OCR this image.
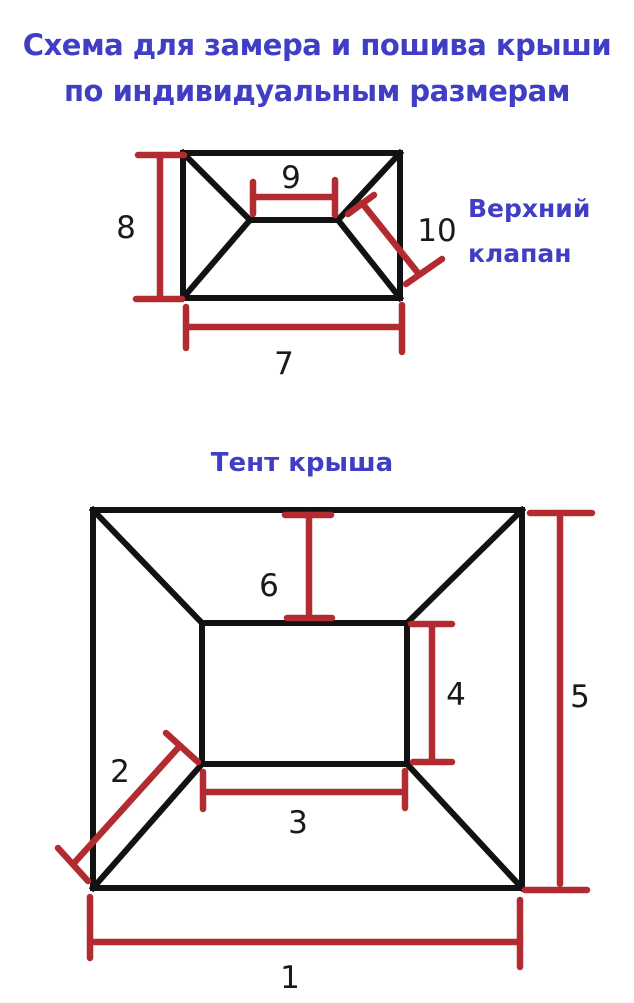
Схема для замера и пошива крыши
по индивидуальным размерам
8
9
10
7
Верхний
клапан
Тент крыша
6
4	5
2
3
1
